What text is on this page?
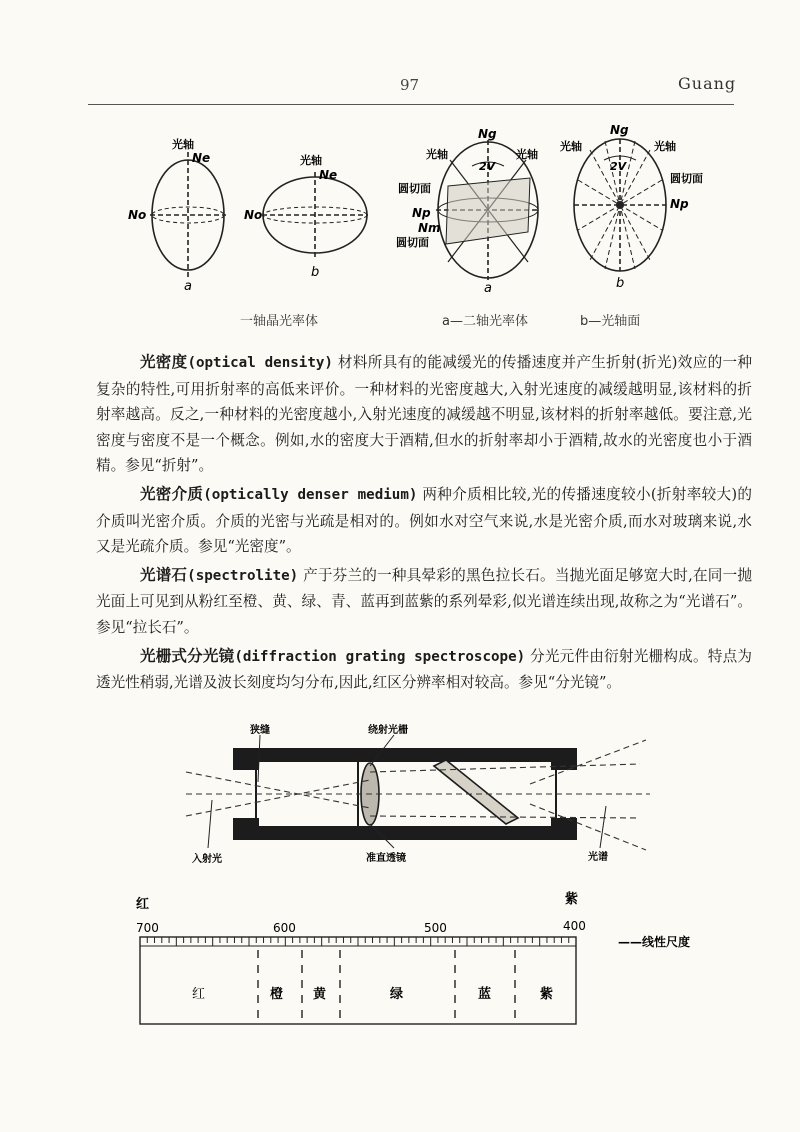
97	Guang
光轴
Ne
No
a
光轴
Ne
No
b
Ng
光轴	光轴
2V
圆切面
Np
Nm
圆切面
a
Ng
光轴	光轴
2V
圆切面
Np
b
一轴晶光率体	a—二轴光率体	b—光轴面

光密度(optical density) 材料所具有的能减缓光的传播速度并产生折射(折光)效应的一种复杂的特性,可用折射率的高低来评价。一种材料的光密度越大,入射光速度的减缓越明显,该材料的折射率越高。反之,一种材料的光密度越小,入射光速度的减缓越不明显,该材料的折射率越低。要注意,光密度与密度不是一个概念。例如,水的密度大于酒精,但水的折射率却小于酒精,故水的光密度也小于酒精。参见“折射”。

光密介质(optically denser medium) 两种介质相比较,光的传播速度较小(折射率较大)的介质叫光密介质。介质的光密与光疏是相对的。例如水对空气来说,水是光密介质,而水对玻璃来说,水又是光疏介质。参见“光密度”。

光谱石(spectrolite) 产于芬兰的一种具晕彩的黑色拉长石。当抛光面足够宽大时,在同一抛光面上可见到从粉红至橙、黄、绿、青、蓝再到蓝紫的系列晕彩,似光谱连续出现,故称之为“光谱石”。参见“拉长石”。

光栅式分光镜(diffraction grating spectroscope) 分光元件由衍射光栅构成。特点为透光性稍弱,光谱及波长刻度均匀分布,因此,红区分辨率相对较高。参见“分光镜”。

狭缝	绕射光栅
入射光	准直透镜	光谱
红	紫
700	600	500	400
——线性尺度
红	橙 黄	绿	蓝	紫
